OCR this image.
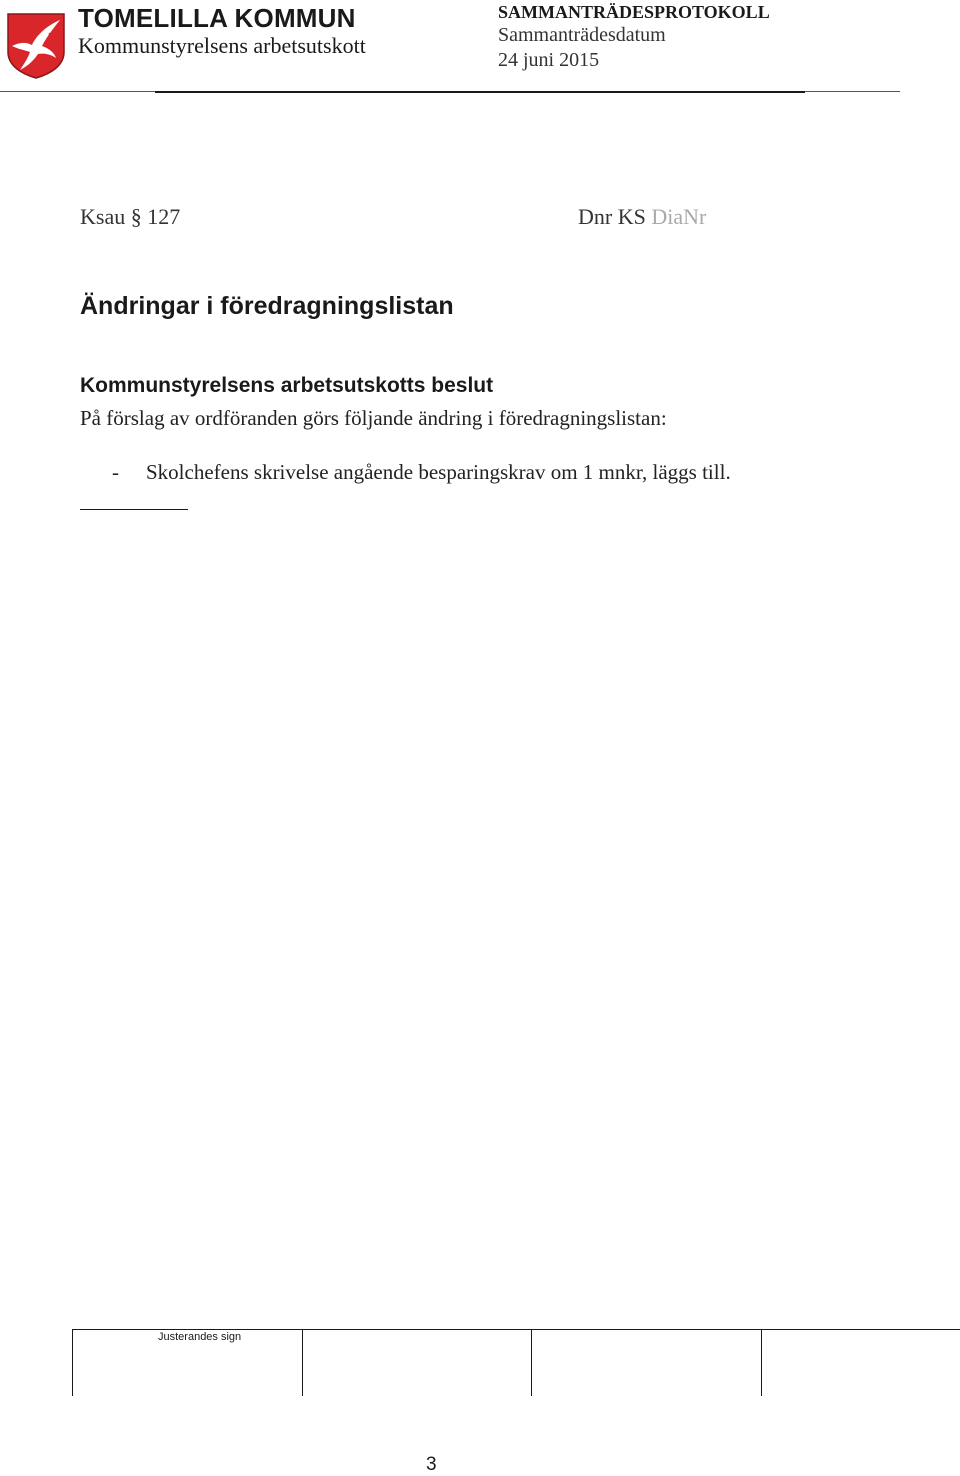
TOMELILLA KOMMUN
Kommunstyrelsens arbetsutskott
SAMMANTRÄDESPROTOKOLL
Sammanträdesdatum
24 juni 2015
Ksau § 127	Dnr KS DiaNr
Ändringar i föredragningslistan
Kommunstyrelsens arbetsutskotts beslut
På förslag av ordföranden görs följande ändring i föredragningslistan:
- Skolchefens skrivelse angående besparingskrav om 1 mnkr, läggs till.
Justerandes sign
3
